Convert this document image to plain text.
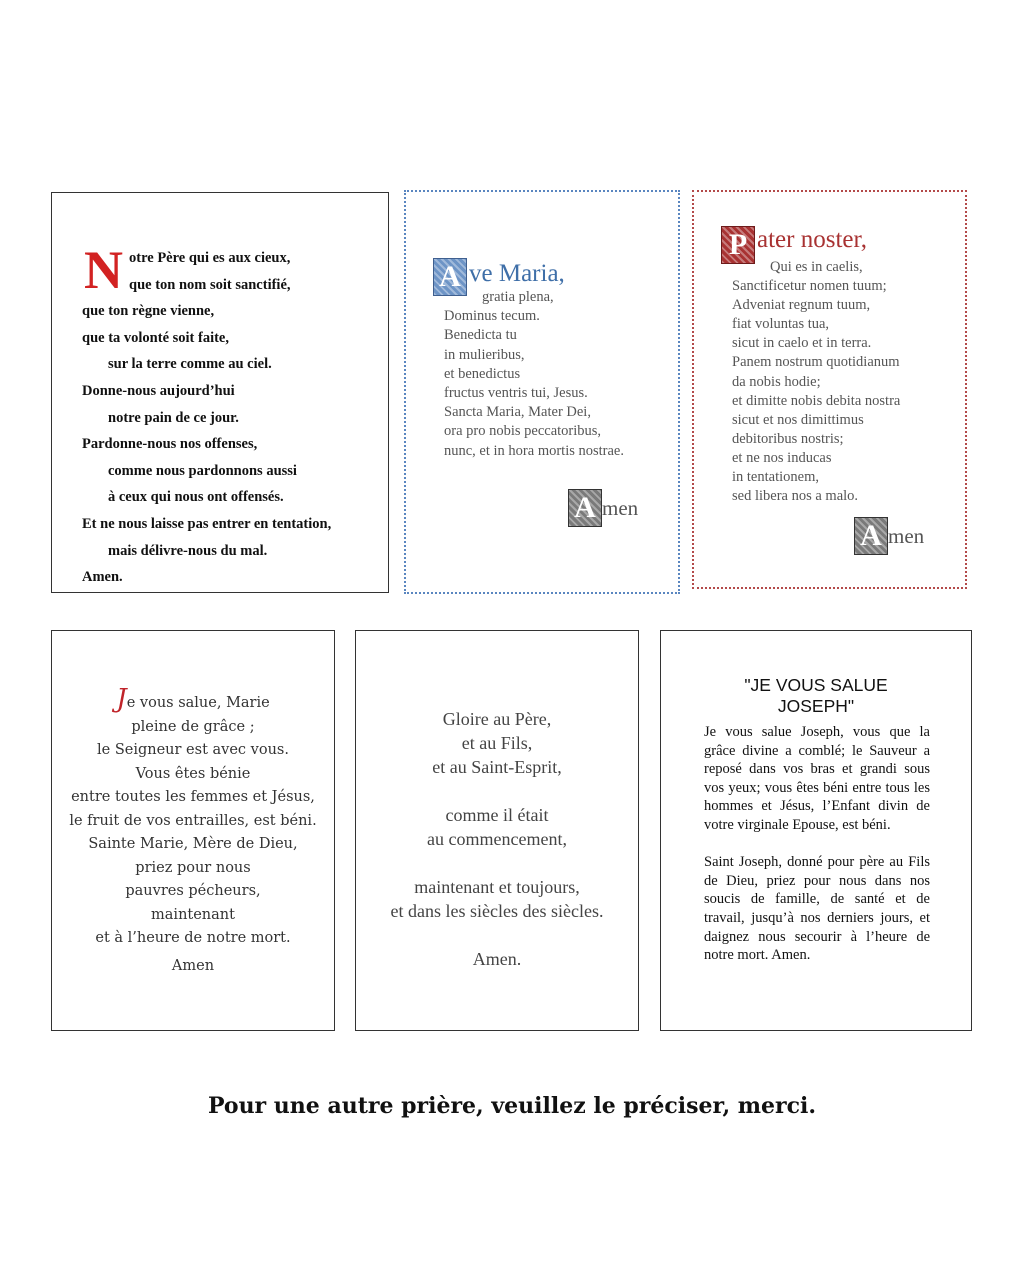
N otre Père qui es aux cieux,
que ton nom soit sanctifié,
que ton règne vienne,
que ta volonté soit faite,
sur la terre comme au ciel.
Donne-nous aujourd’hui
notre pain de ce jour.
Pardonne-nous nos offenses,
comme nous pardonnons aussi
à ceux qui nous ont offensés.
Et ne nous laisse pas entrer en tentation,
mais délivre-nous du mal.
Amen.
A ve Maria,
gratia plena,
Dominus tecum.
Benedicta tu
in mulieribus,
et benedictus
fructus ventris tui, Jesus.
Sancta Maria, Mater Dei,
ora pro nobis peccatoribus,
nunc, et in hora mortis nostrae.
A men
P ater noster,
Qui es in caelis,
Sanctificetur nomen tuum;
Adveniat regnum tuum,
fiat voluntas tua,
sicut in caelo et in terra.
Panem nostrum quotidianum
da nobis hodie;
et dimitte nobis debita nostra
sicut et nos dimittimus
debitoribus nostris;
et ne nos inducas
in tentationem,
sed libera nos a malo.
A men
Je vous salue, Marie
pleine de grâce ;
le Seigneur est avec vous.
Vous êtes bénie
entre toutes les femmes et Jésus,
le fruit de vos entrailles, est béni.
Sainte Marie, Mère de Dieu,
priez pour nous
pauvres pécheurs,
maintenant
et à l’heure de notre mort.
Amen
Gloire au Père,
et au Fils,
et au Saint-Esprit,
comme il était
au commencement,
maintenant et toujours,
et dans les siècles des siècles.
Amen.
"JE VOUS SALUE
JOSEPH"

Je vous salue Joseph, vous que la grâce divine a comblé; le Sauveur a reposé dans vos bras et grandi sous vos yeux; vous êtes béni entre tous les hommes et Jésus, l’Enfant divin de votre virginale Epouse, est béni.

Saint Joseph, donné pour père au Fils de Dieu, priez pour nous dans nos soucis de famille, de santé et de travail, jusqu’à nos derniers jours, et daignez nous secourir à l’heure de notre mort. Amen.

Pour une autre prière, veuillez le préciser, merci.
